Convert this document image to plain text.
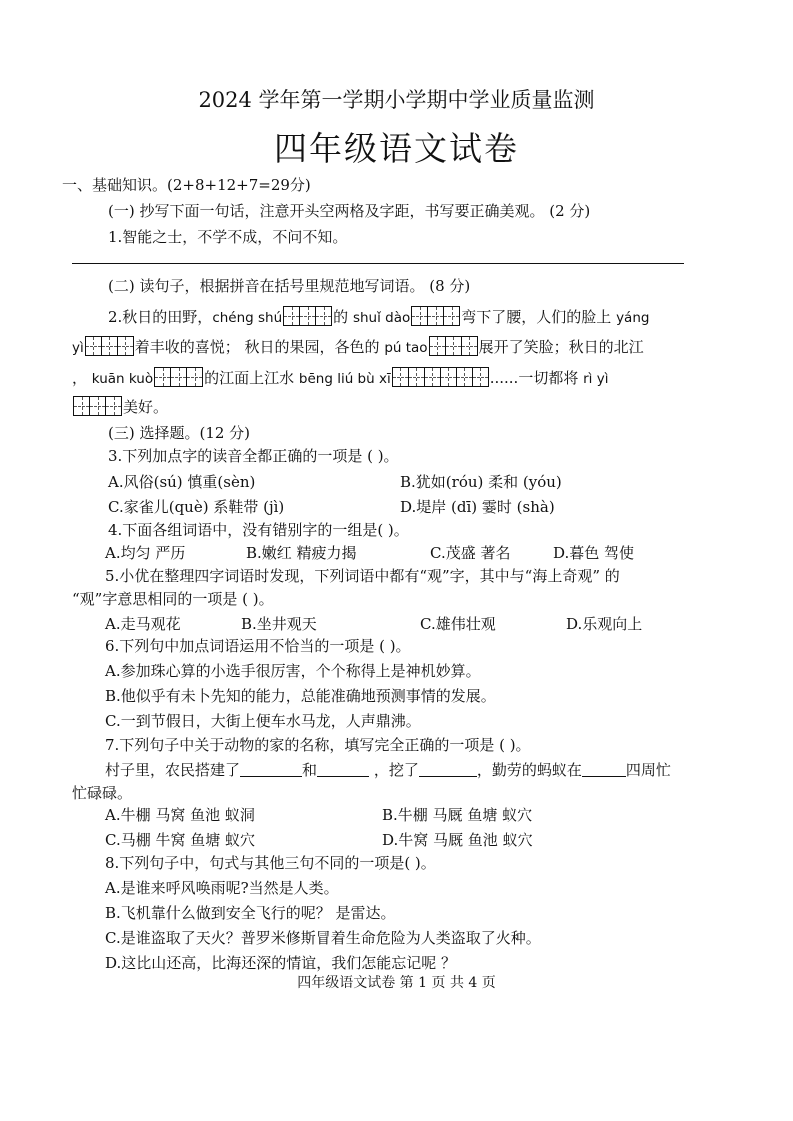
2024 学年第一学期小学期中学业质量监测
四年级语文试卷
一、基础知识。(2+8+12+7=29分)
(一) 抄写下面一句话，注意开头空两格及字距，书写要正确美观。 (2 分)
1.智能之士，不学不成，不问不知。
(二) 读句子，根据拼音在括号里规范地写词语。 (8 分)
2.秋日的田野，chéng shú	的 shuǐ dào	弯下了腰，人们的脸上 yáng
yì	着丰收的喜悦； 秋日的果园，各色的 pú tao	展开了笑脸；秋日的北江
， kuān kuò	的江面上江水 bēng liú bù xī	......一切都将 rì yì
美好。
(三) 选择题。(12 分)
3.下列加点字的读音全都正确的一项是 ( )。
A.风俗(sú) 慎重(sèn)	B.犹如(róu) 柔和 (yóu)
C.家雀儿(què) 系鞋带 (jì)	D.堤岸 (dī) 霎时 (shà)
4.下面各组词语中，没有错别字的一组是( )。
A.均匀 严历	B.嫩红 精疲力揭	C.茂盛 著名	D.暮色 驾使
5.小优在整理四字词语时发现，下列词语中都有“观”字，其中与“海上奇观” 的
“观”字意思相同的一项是 ( )。
A.走马观花	B.坐井观天	C.雄伟壮观	D.乐观向上
6.下列句中加点词语运用不恰当的一项是 ( )。
A.参加珠心算的小选手很厉害，个个称得上是神机妙算。
B.他似乎有未卜先知的能力，总能准确地预测事情的发展。
C.一到节假日，大街上便车水马龙，人声鼎沸。
7.下列句子中关于动物的家的名称，填写完全正确的一项是 ( )。
村子里，农民搭建了	和	，挖了	，勤劳的蚂蚁在	四周忙
忙碌碌。
A.牛棚 马窝 鱼池 蚁洞	B.牛棚 马厩 鱼塘 蚁穴
C.马棚 牛窝 鱼塘 蚁穴	D.牛窝 马厩 鱼池 蚁穴
8.下列句子中，句式与其他三句不同的一项是( )。
A.是谁来呼风唤雨呢?当然是人类。
B.飞机靠什么做到安全飞行的呢？ 是雷达。
C.是谁盗取了天火？普罗米修斯冒着生命危险为人类盗取了火种。
D.这比山还高，比海还深的情谊，我们怎能忘记呢 ？
四年级语文试卷 第 1 页 共 4 页
